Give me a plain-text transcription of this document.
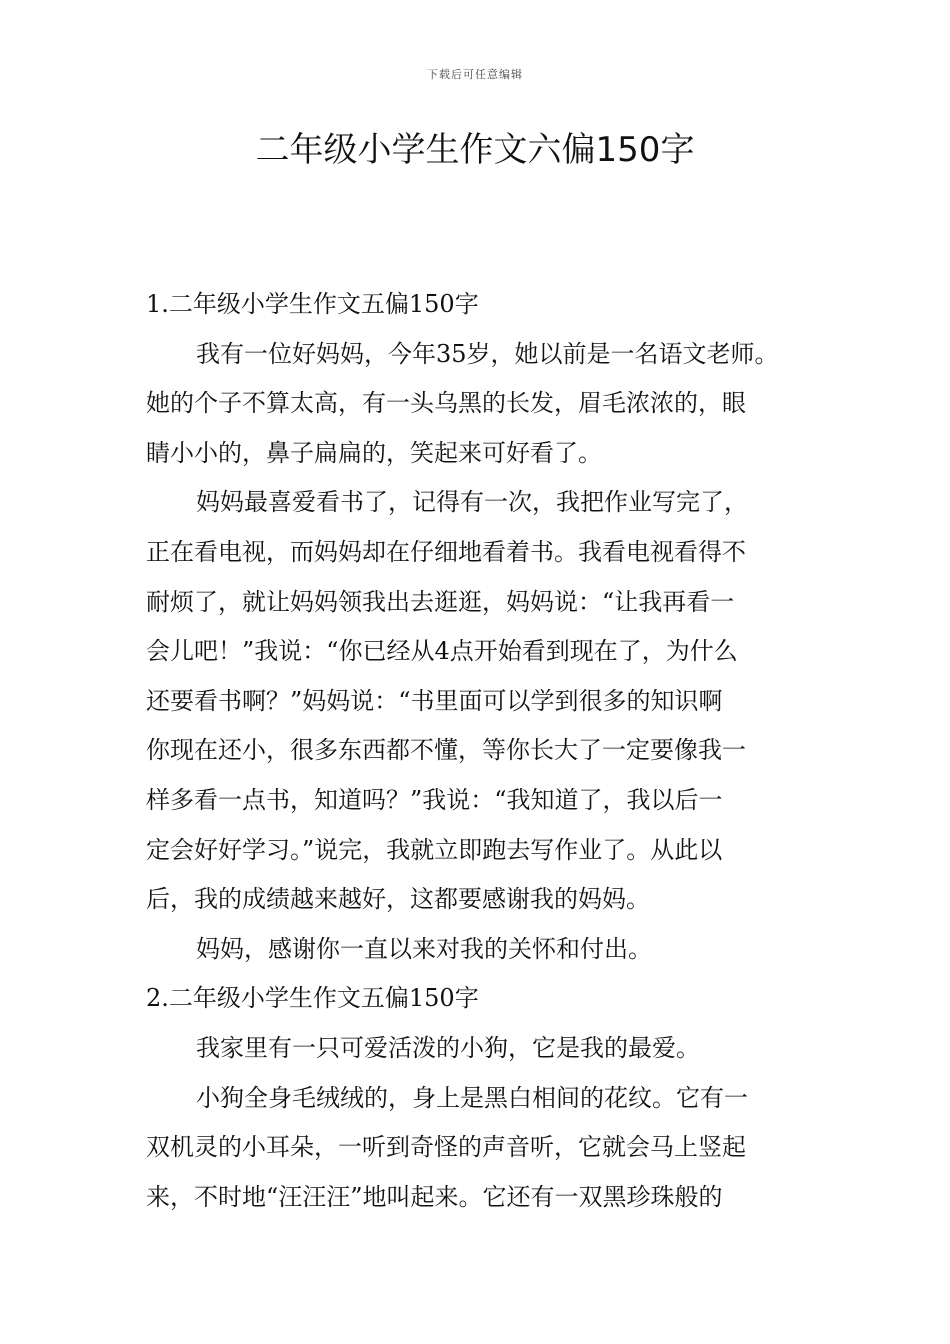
下载后可任意编辑
二年级小学生作文六偏150字
1.二年级小学生作文五偏150字
我有一位好妈妈，今年35岁，她以前是一名语文老师。
她的个子不算太高，有一头乌黑的长发，眉毛浓浓的，眼
睛小小的，鼻子扁扁的，笑起来可好看了。
妈妈最喜爱看书了，记得有一次，我把作业写完了，
正在看电视，而妈妈却在仔细地看着书。我看电视看得不
耐烦了，就让妈妈领我出去逛逛，妈妈说：“让我再看一
会儿吧！”我说：“你已经从4点开始看到现在了，为什么
还要看书啊？”妈妈说：“书里面可以学到很多的知识啊
你现在还小，很多东西都不懂，等你长大了一定要像我一
样多看一点书，知道吗？”我说：“我知道了，我以后一
定会好好学习。”说完，我就立即跑去写作业了。从此以
后，我的成绩越来越好，这都要感谢我的妈妈。
妈妈，感谢你一直以来对我的关怀和付出。
2.二年级小学生作文五偏150字
我家里有一只可爱活泼的小狗，它是我的最爱。
小狗全身毛绒绒的，身上是黑白相间的花纹。它有一
双机灵的小耳朵，一听到奇怪的声音听，它就会马上竖起
来，不时地“汪汪汪”地叫起来。它还有一双黑珍珠般的
